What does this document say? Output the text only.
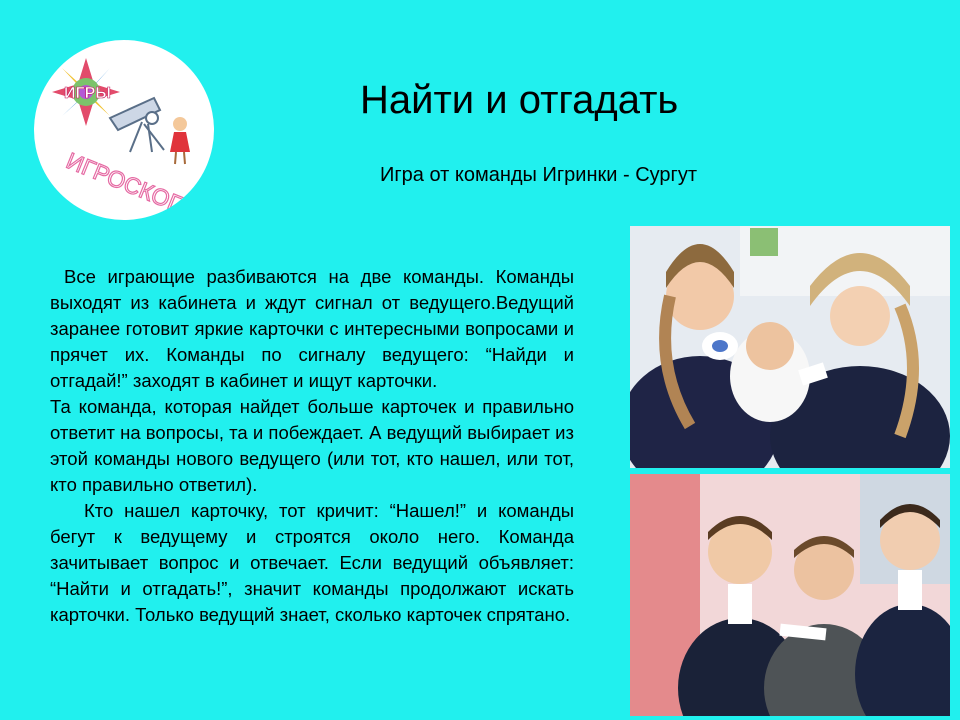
ИГРЫ
ИГРОСКОП
Найти и отгадать
Игра от команды Игринки - Сургут

Все играющие разбиваются на две команды. Команды выходят из кабинета и ждут сигнал от ведущего.Ведущий заранее готовит яркие карточки с интересными вопросами и прячет их. Команды по сигналу ведущего: “Найди и отгадай!” заходят в кабинет и ищут карточки.

Та команда, которая найдет больше карточек и правильно ответит на вопросы, та и побеждает. А ведущий выбирает из этой команды нового ведущего (или тот, кто нашел, или тот, кто правильно ответил).

Кто нашел карточку, тот кричит: “Нашел!” и команды бегут к ведущему и строятся около него. Команда зачитывает вопрос и отвечает. Если ведущий объявляет: “Найти и отгадать!”, значит команды продолжают искать карточки. Только ведущий знает, сколько карточек спрятано.
